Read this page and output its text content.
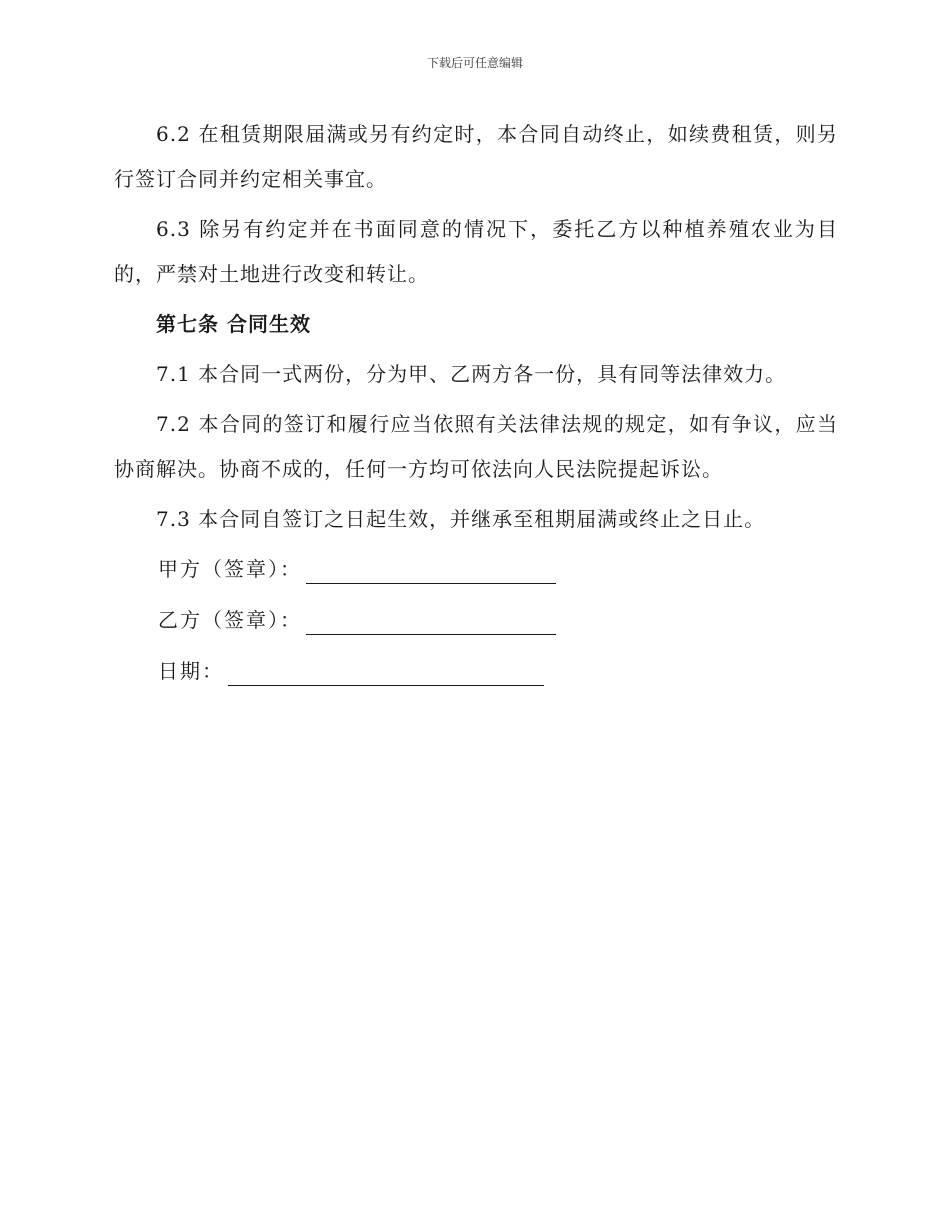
下载后可任意编辑

6.2 在租赁期限届满或另有约定时，本合同自动终止，如续费租赁，则另行签订合同并约定相关事宜。

6.3 除另有约定并在书面同意的情况下，委托乙方以种植养殖农业为目的，严禁对土地进行改变和转让。

第七条 合同生效

7.1 本合同一式两份，分为甲、乙两方各一份，具有同等法律效力。

7.2 本合同的签订和履行应当依照有关法律法规的规定，如有争议，应当协商解决。协商不成的，任何一方均可依法向人民法院提起诉讼。

7.3 本合同自签订之日起生效，并继承至租期届满或终止之日止。

甲方（签章）：
乙方（签章）：
日期：
